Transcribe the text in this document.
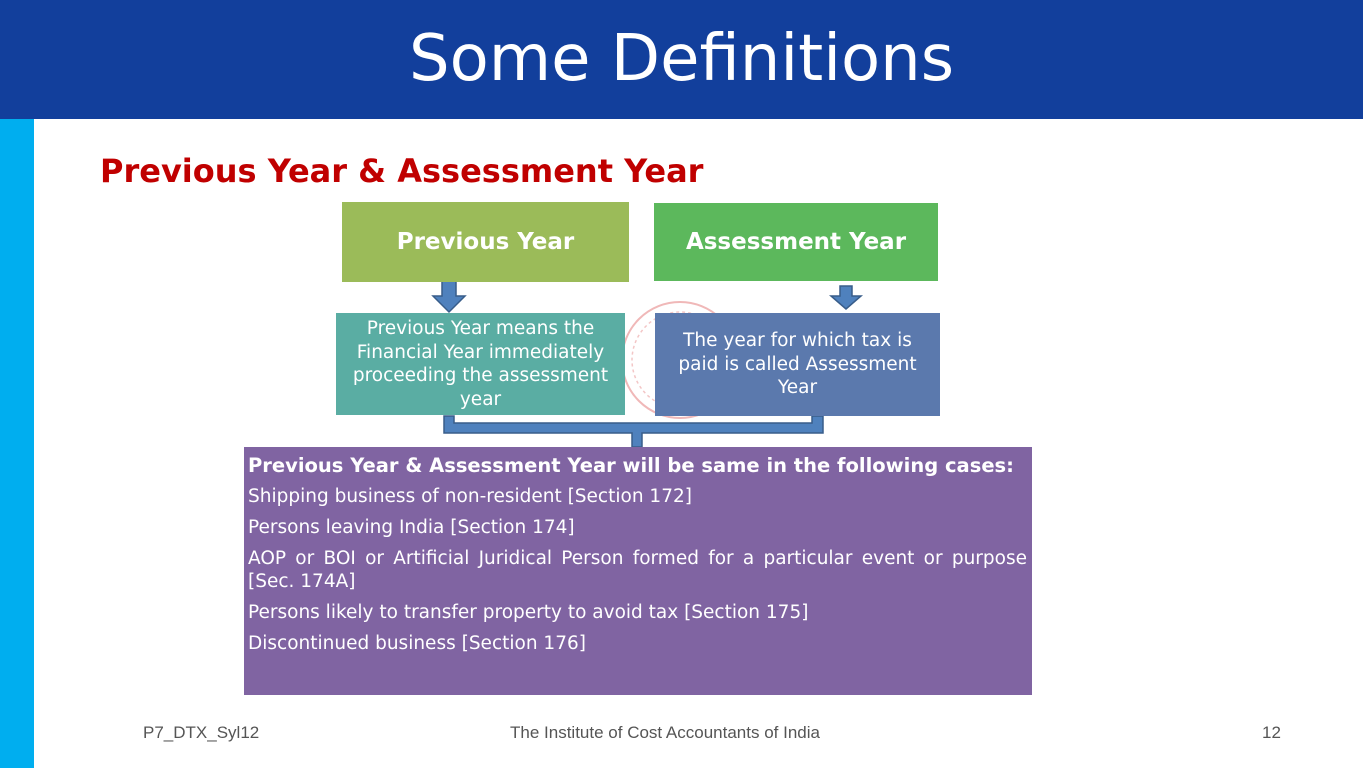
Some Definitions
Previous Year & Assessment Year
Previous Year	Assessment Year
Previous Year means the Financial Year immediately proceeding the assessment year
The year for which tax is paid is called Assessment Year
Previous Year & Assessment Year will be same in the following cases:
Shipping business of non-resident [Section 172]
Persons leaving India [Section 174]
AOP or BOI or Artificial Juridical Person formed for a particular event or purpose [Sec. 174A]
Persons likely to transfer property to avoid tax [Section 175]
Discontinued business [Section 176]
P7_DTX_Syl12	The Institute of Cost Accountants of India	12
